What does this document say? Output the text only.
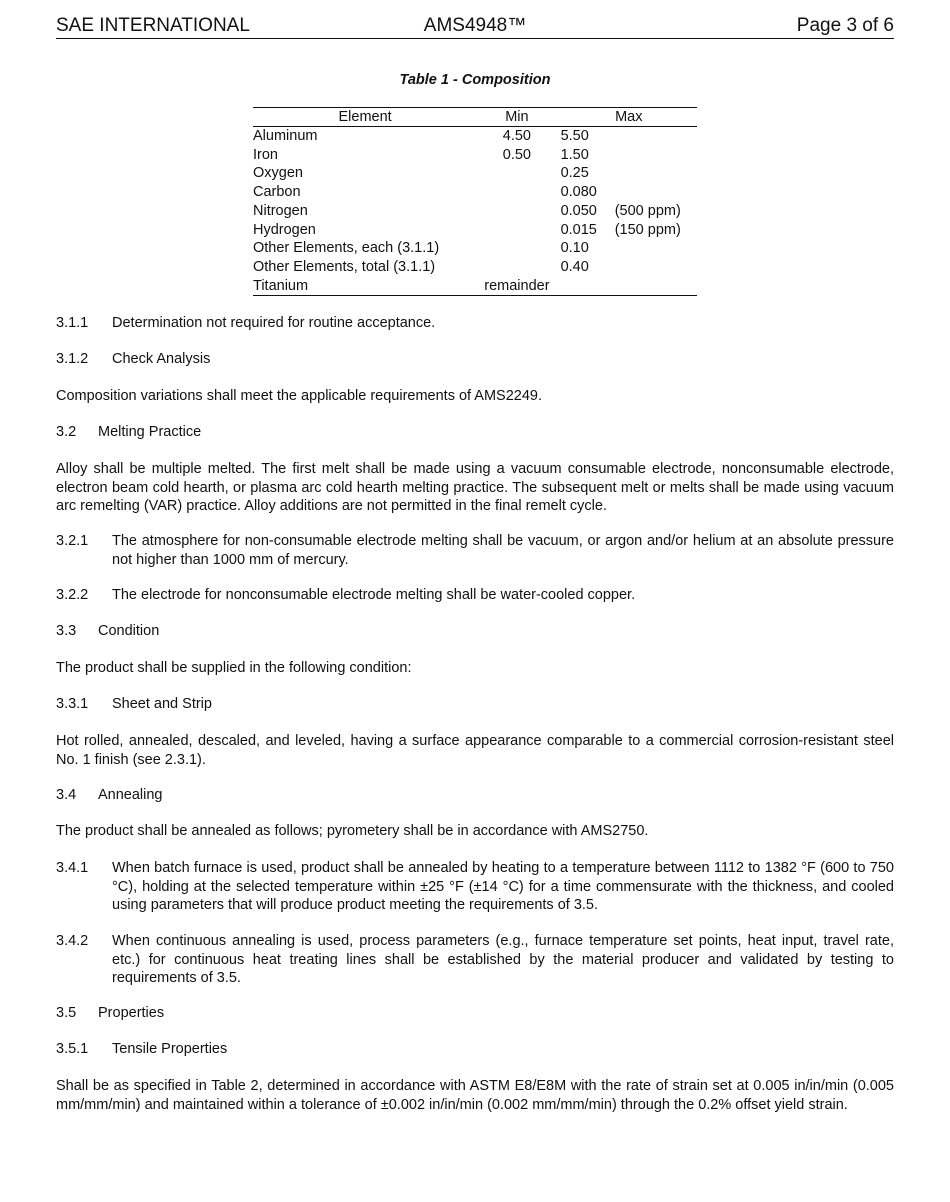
SAE INTERNATIONAL	AMS4948™	Page 3 of 6
Table 1 - Composition
Element	Min	Max	
Aluminum	4.50	5.50	
Iron	0.50	1.50	
Oxygen		0.25	
Carbon		0.080	
Nitrogen		0.050	(500 ppm)
Hydrogen		0.015	(150 ppm)
Other Elements, each (3.1.1)		0.10	
Other Elements, total (3.1.1)		0.40	
Titanium	remainder		
3.1.1 Determination not required for routine acceptance.
3.1.2 Check Analysis
Composition variations shall meet the applicable requirements of AMS2249.
3.2 Melting Practice
Alloy shall be multiple melted. The first melt shall be made using a vacuum consumable electrode, nonconsumable electrode, electron beam cold hearth, or plasma arc cold hearth melting practice. The subsequent melt or melts shall be made using vacuum arc remelting (VAR) practice. Alloy additions are not permitted in the final remelt cycle.
3.2.1 The atmosphere for non-consumable electrode melting shall be vacuum, or argon and/or helium at an absolute pressure not higher than 1000 mm of mercury.
3.2.2 The electrode for nonconsumable electrode melting shall be water-cooled copper.
3.3 Condition
The product shall be supplied in the following condition:
3.3.1 Sheet and Strip
Hot rolled, annealed, descaled, and leveled, having a surface appearance comparable to a commercial corrosion-resistant steel No. 1 finish (see 2.3.1).
3.4 Annealing
The product shall be annealed as follows; pyrometery shall be in accordance with AMS2750.
3.4.1 When batch furnace is used, product shall be annealed by heating to a temperature between 1112 to 1382 °F (600 to 750 °C), holding at the selected temperature within ±25 °F (±14 °C) for a time commensurate with the thickness, and cooled using parameters that will produce product meeting the requirements of 3.5.
3.4.2 When continuous annealing is used, process parameters (e.g., furnace temperature set points, heat input, travel rate, etc.) for continuous heat treating lines shall be established by the material producer and validated by testing to requirements of 3.5.
3.5 Properties
3.5.1 Tensile Properties
Shall be as specified in Table 2, determined in accordance with ASTM E8/E8M with the rate of strain set at 0.005 in/in/min (0.005 mm/mm/min) and maintained within a tolerance of ±0.002 in/in/min (0.002 mm/mm/min) through the 0.2% offset yield strain.
